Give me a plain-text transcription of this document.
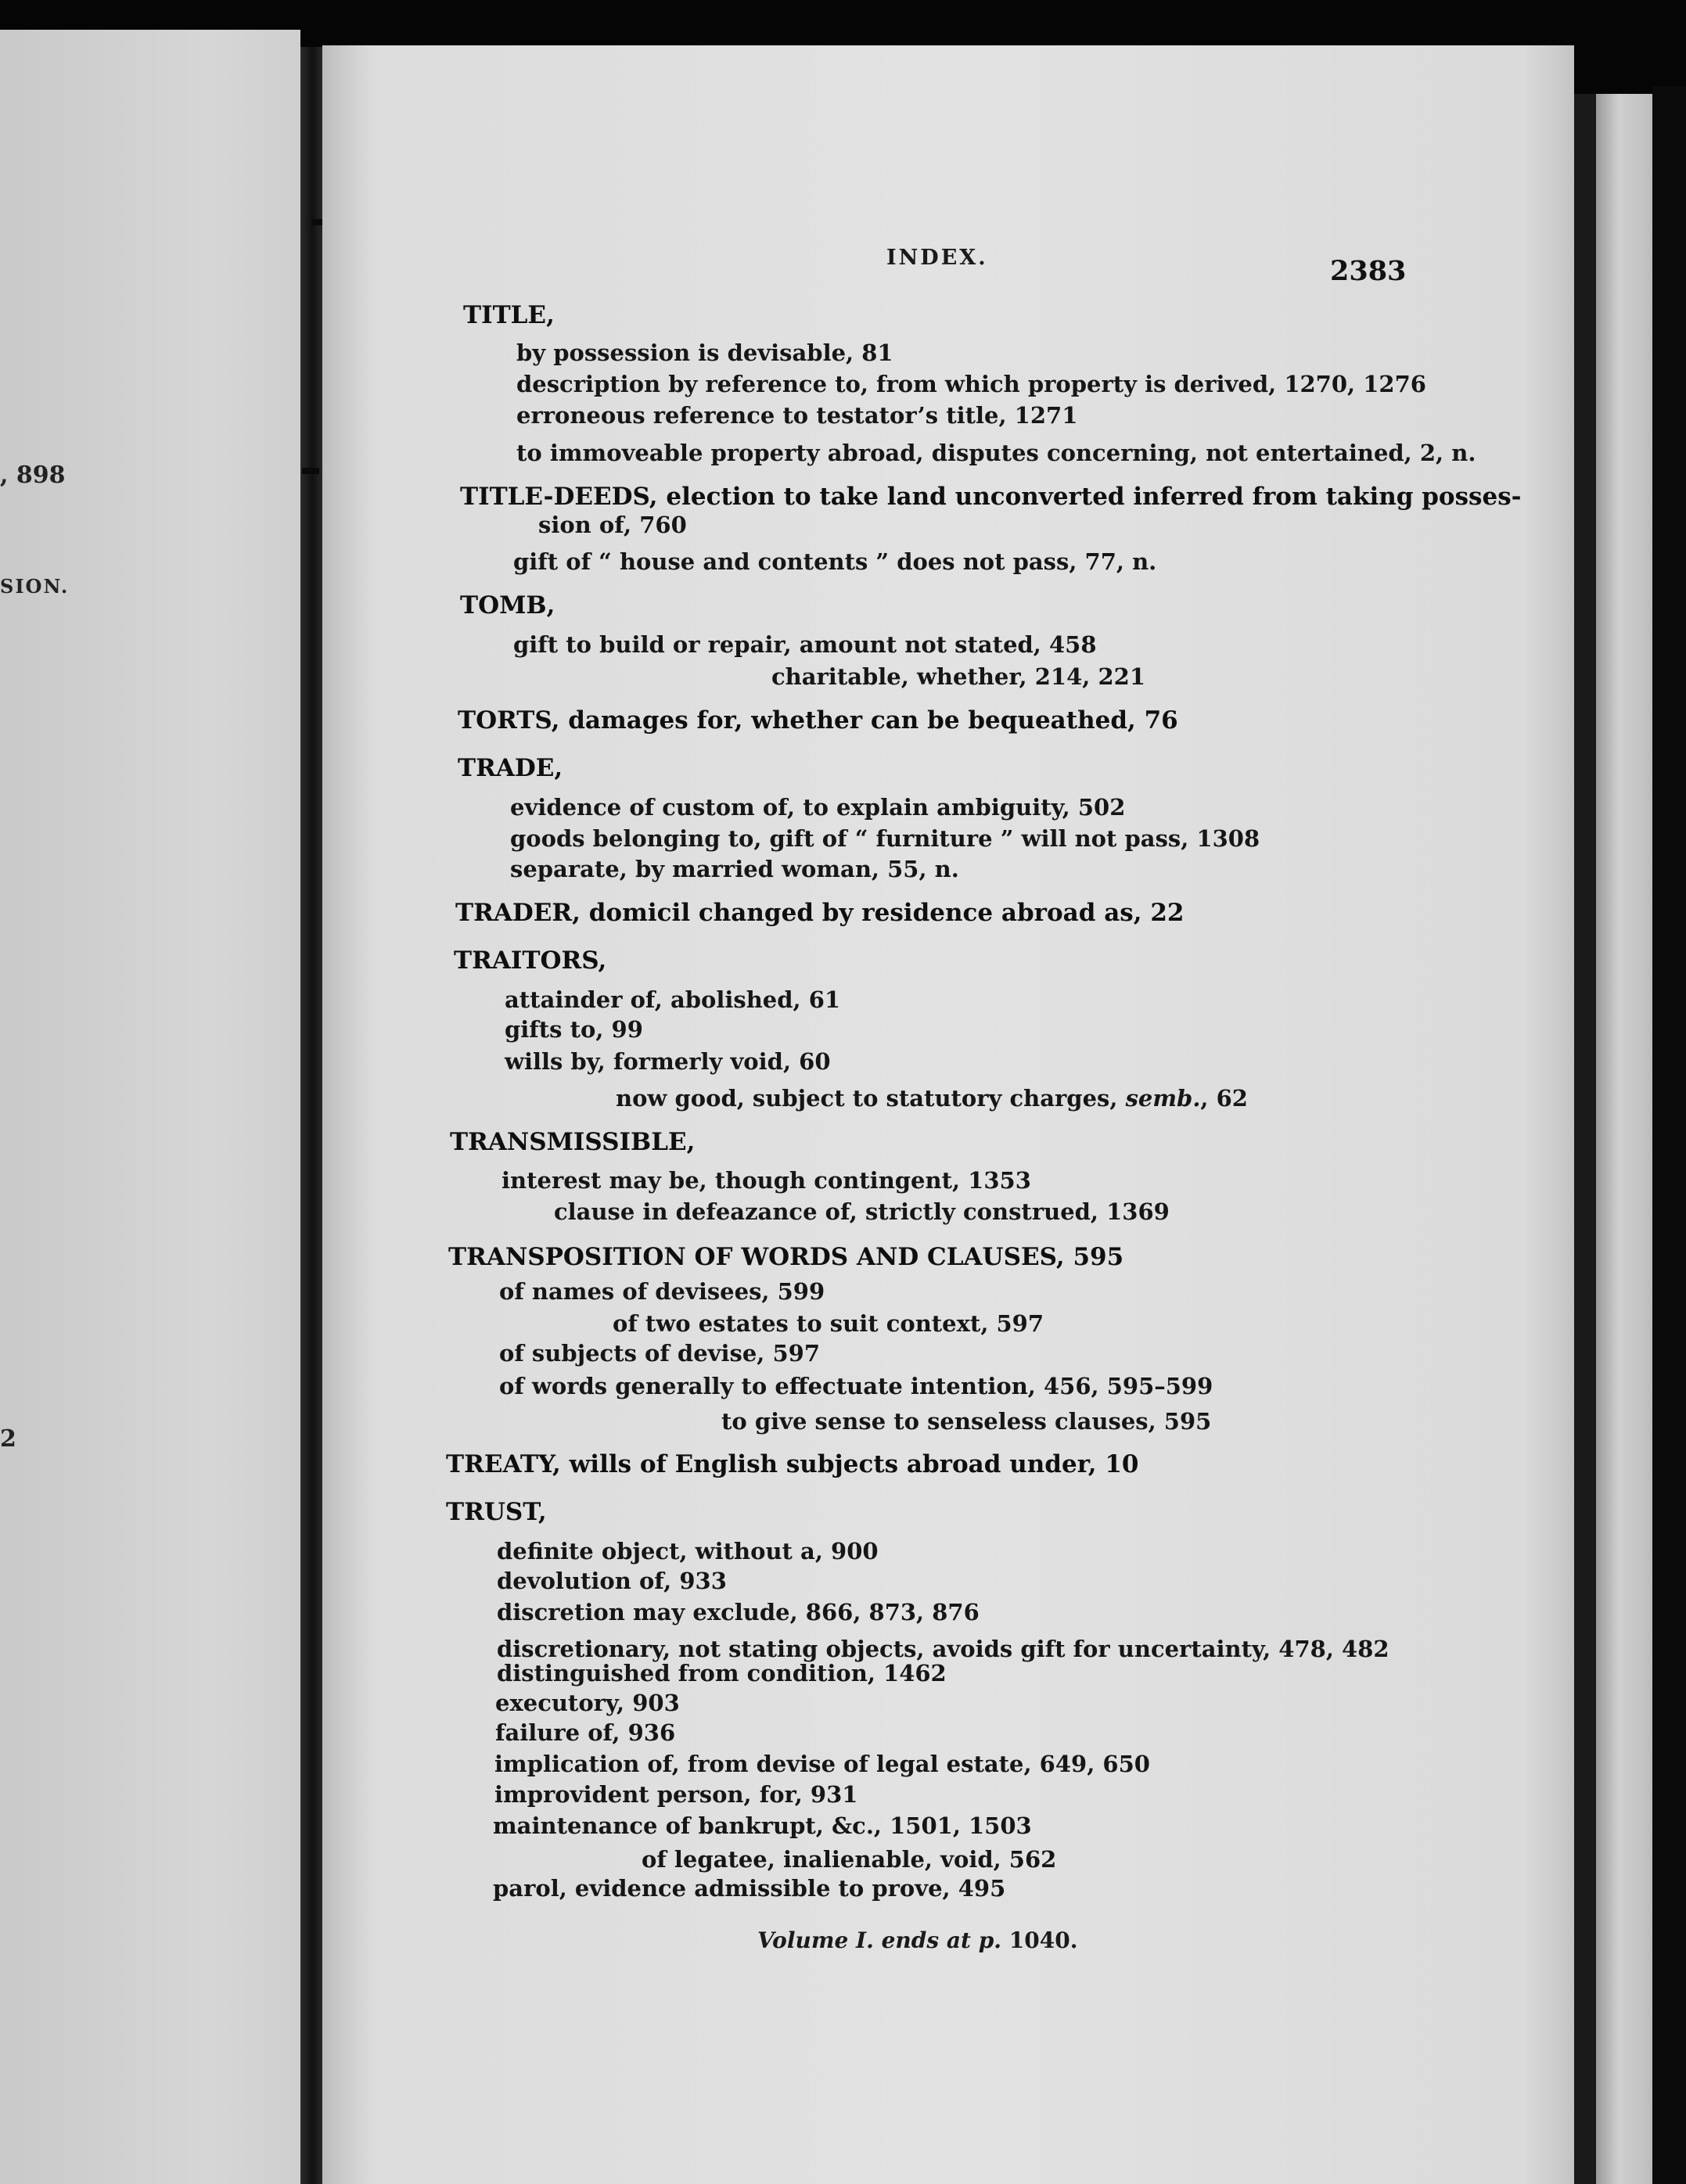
, 898
SION.
2
INDEX.	2383
TITLE,
by possession is devisable, 81
description by reference to, from which property is derived, 1270, 1276
erroneous reference to testator’s title, 1271
to immoveable property abroad, disputes concerning, not entertained, 2, n.
TITLE-DEEDS, election to take land unconverted inferred from taking posses-
sion of, 760
gift of “ house and contents ” does not pass, 77, n.
TOMB,
gift to build or repair, amount not stated, 458
charitable, whether, 214, 221
TORTS, damages for, whether can be bequeathed, 76
TRADE,
evidence of custom of, to explain ambiguity, 502
goods belonging to, gift of “ furniture ” will not pass, 1308
separate, by married woman, 55, n.
TRADER, domicil changed by residence abroad as, 22
TRAITORS,
attainder of, abolished, 61
gifts to, 99
wills by, formerly void, 60
now good, subject to statutory charges, semb., 62
TRANSMISSIBLE,
interest may be, though contingent, 1353
clause in defeazance of, strictly construed, 1369
TRANSPOSITION OF WORDS AND CLAUSES, 595
of names of devisees, 599
of two estates to suit context, 597
of subjects of devise, 597
of words generally to effectuate intention, 456, 595–599
to give sense to senseless clauses, 595
TREATY, wills of English subjects abroad under, 10
TRUST,
definite object, without a, 900
devolution of, 933
discretion may exclude, 866, 873, 876
discretionary, not stating objects, avoids gift for uncertainty, 478, 482
distinguished from condition, 1462
executory, 903
failure of, 936
implication of, from devise of legal estate, 649, 650
improvident person, for, 931
maintenance of bankrupt, &c., 1501, 1503
of legatee, inalienable, void, 562
parol, evidence admissible to prove, 495
Volume I. ends at p. 1040.
